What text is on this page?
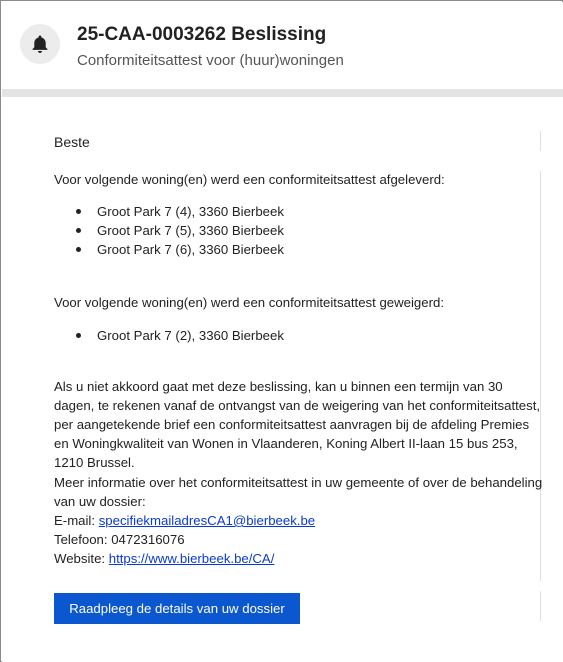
25-CAA-0003262 Beslissing
Conformiteitsattest voor (huur)woningen
Beste

Voor volgende woning(en) werd een conformiteitsattest afgeleverd:

Groot Park 7 (4), 3360 Bierbeek
Groot Park 7 (5), 3360 Bierbeek
Groot Park 7 (6), 3360 Bierbeek

Voor volgende woning(en) werd een conformiteitsattest geweigerd:

Groot Park 7 (2), 3360 Bierbeek

Als u niet akkoord gaat met deze beslissing, kan u binnen een termijn van 30 dagen, te rekenen vanaf de ontvangst van de weigering van het conformiteitsattest, per aangetekende brief een conformiteitsattest aanvragen bij de afdeling Premies en Woningkwaliteit van Wonen in Vlaanderen, Koning Albert II-laan 15 bus 253, 1210 Brussel.

Meer informatie over het conformiteitsattest in uw gemeente of over de behandeling van uw dossier:

E-mail: specifiekmailadresCA1@bierbeek.be

Telefoon: 0472316076

Website: https://www.bierbeek.be/CA/

Raadpleeg de details van uw dossier
